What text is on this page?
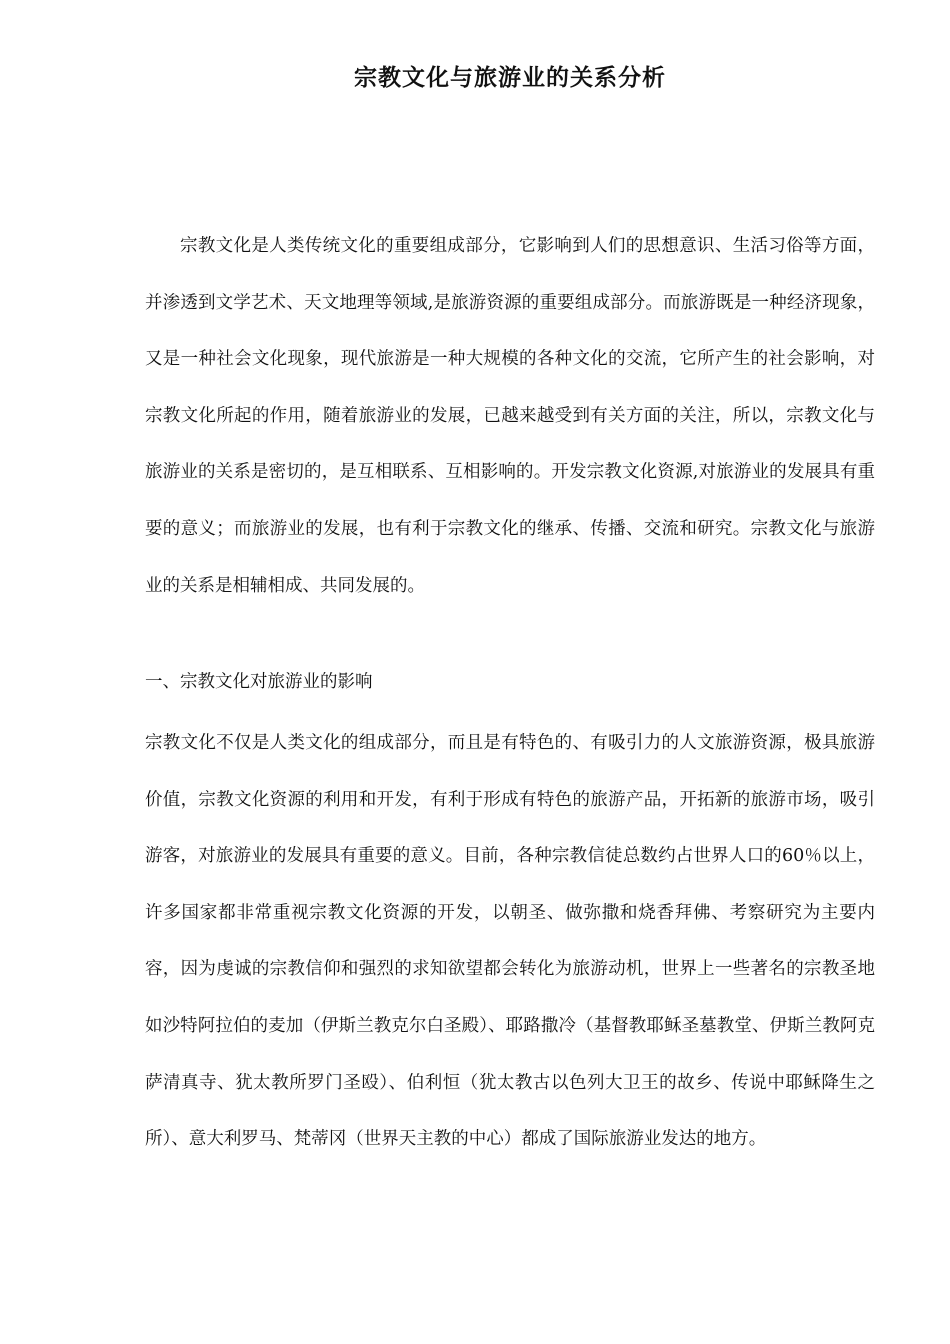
宗教文化与旅游业的关系分析

宗教文化是人类传统文化的重要组成部分，它影响到人们的思想意识、生活习俗等方面，并渗透到文学艺术、天文地理等领域,是旅游资源的重要组成部分。而旅游既是一种经济现象，又是一种社会文化现象，现代旅游是一种大规模的各种文化的交流，它所产生的社会影响，对宗教文化所起的作用，随着旅游业的发展，已越来越受到有关方面的关注，所以，宗教文化与旅游业的关系是密切的，是互相联系、互相影响的。开发宗教文化资源,对旅游业的发展具有重要的意义；而旅游业的发展，也有利于宗教文化的继承、传播、交流和研究。宗教文化与旅游业的关系是相辅相成、共同发展的。

一、宗教文化对旅游业的影响

宗教文化不仅是人类文化的组成部分，而且是有特色的、有吸引力的人文旅游资源，极具旅游价值，宗教文化资源的利用和开发，有利于形成有特色的旅游产品，开拓新的旅游市场，吸引游客，对旅游业的发展具有重要的意义。目前，各种宗教信徒总数约占世界人口的60％以上，许多国家都非常重视宗教文化资源的开发，以朝圣、做弥撒和烧香拜佛、考察研究为主要内容，因为虔诚的宗教信仰和强烈的求知欲望都会转化为旅游动机，世界上一些著名的宗教圣地如沙特阿拉伯的麦加（伊斯兰教克尔白圣殿）、耶路撒冷（基督教耶稣圣墓教堂、伊斯兰教阿克萨清真寺、犹太教所罗门圣殴）、伯利恒（犹太教古以色列大卫王的故乡、传说中耶稣降生之所）、意大利罗马、梵蒂冈（世界天主教的中心）都成了国际旅游业发达的地方。
